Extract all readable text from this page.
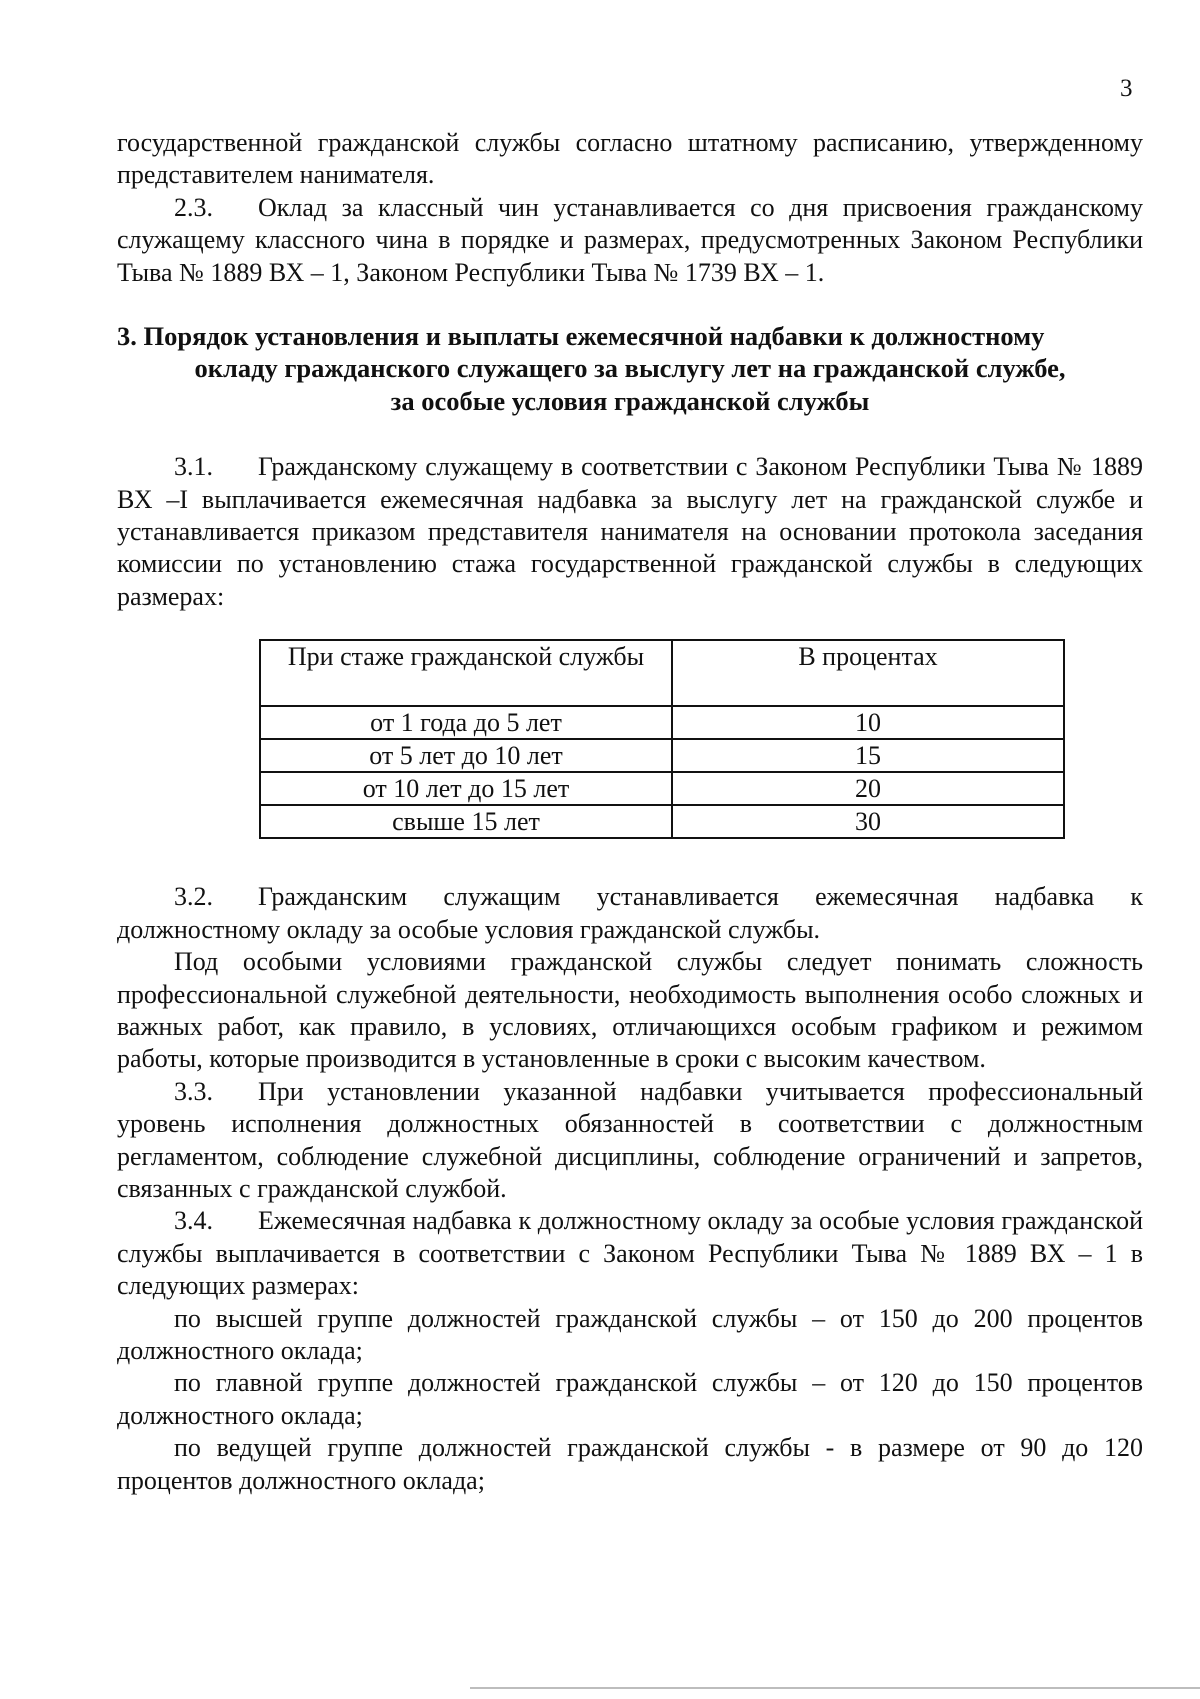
3

государственной гражданской службы согласно штатному расписанию, утвержденному представителем нанимателя.

2.3. Оклад за классный чин устанавливается со дня присвоения гражданскому служащему классного чина в порядке и размерах, предусмотренных Законом Республики Тыва № 1889 ВХ – 1, Законом Республики Тыва № 1739 ВХ – 1.

3. Порядок установления и выплаты ежемесячной надбавки к должностному
окладу гражданского служащего за выслугу лет на гражданской службе,
за особые условия гражданской службы

3.1. Гражданскому служащему в соответствии с Законом Республики Тыва № 1889 ВХ –I выплачивается ежемесячная надбавка за выслугу лет на гражданской службе и устанавливается приказом представителя нанимателя на основании протокола заседания комиссии по установлению стажа государственной гражданской службы в следующих размерах:

При стаже гражданской службы	В процентах
от 1 года до 5 лет	10
от 5 лет до 10 лет	15
от 10 лет до 15 лет	20
свыше 15 лет	30

3.2. Гражданским служащим устанавливается ежемесячная надбавка к должностному окладу за особые условия гражданской службы.

Под особыми условиями гражданской службы следует понимать сложность профессиональной служебной деятельности, необходимость выполнения особо сложных и важных работ, как правило, в условиях, отличающихся особым графиком и режимом работы, которые производится в установленные в сроки с высоким качеством.

3.3. При установлении указанной надбавки учитывается профессиональный уровень исполнения должностных обязанностей в соответствии с должностным регламентом, соблюдение служебной дисциплины, соблюдение ограничений и запретов, связанных с гражданской службой.

3.4. Ежемесячная надбавка к должностному окладу за особые условия гражданской службы выплачивается в соответствии с Законом Республики Тыва № 1889 ВХ – 1 в следующих размерах:

по высшей группе должностей гражданской службы – от 150 до 200 процентов должностного оклада;

по главной группе должностей гражданской службы – от 120 до 150 процентов должностного оклада;

по ведущей группе должностей гражданской службы - в размере от 90 до 120 процентов должностного оклада;
